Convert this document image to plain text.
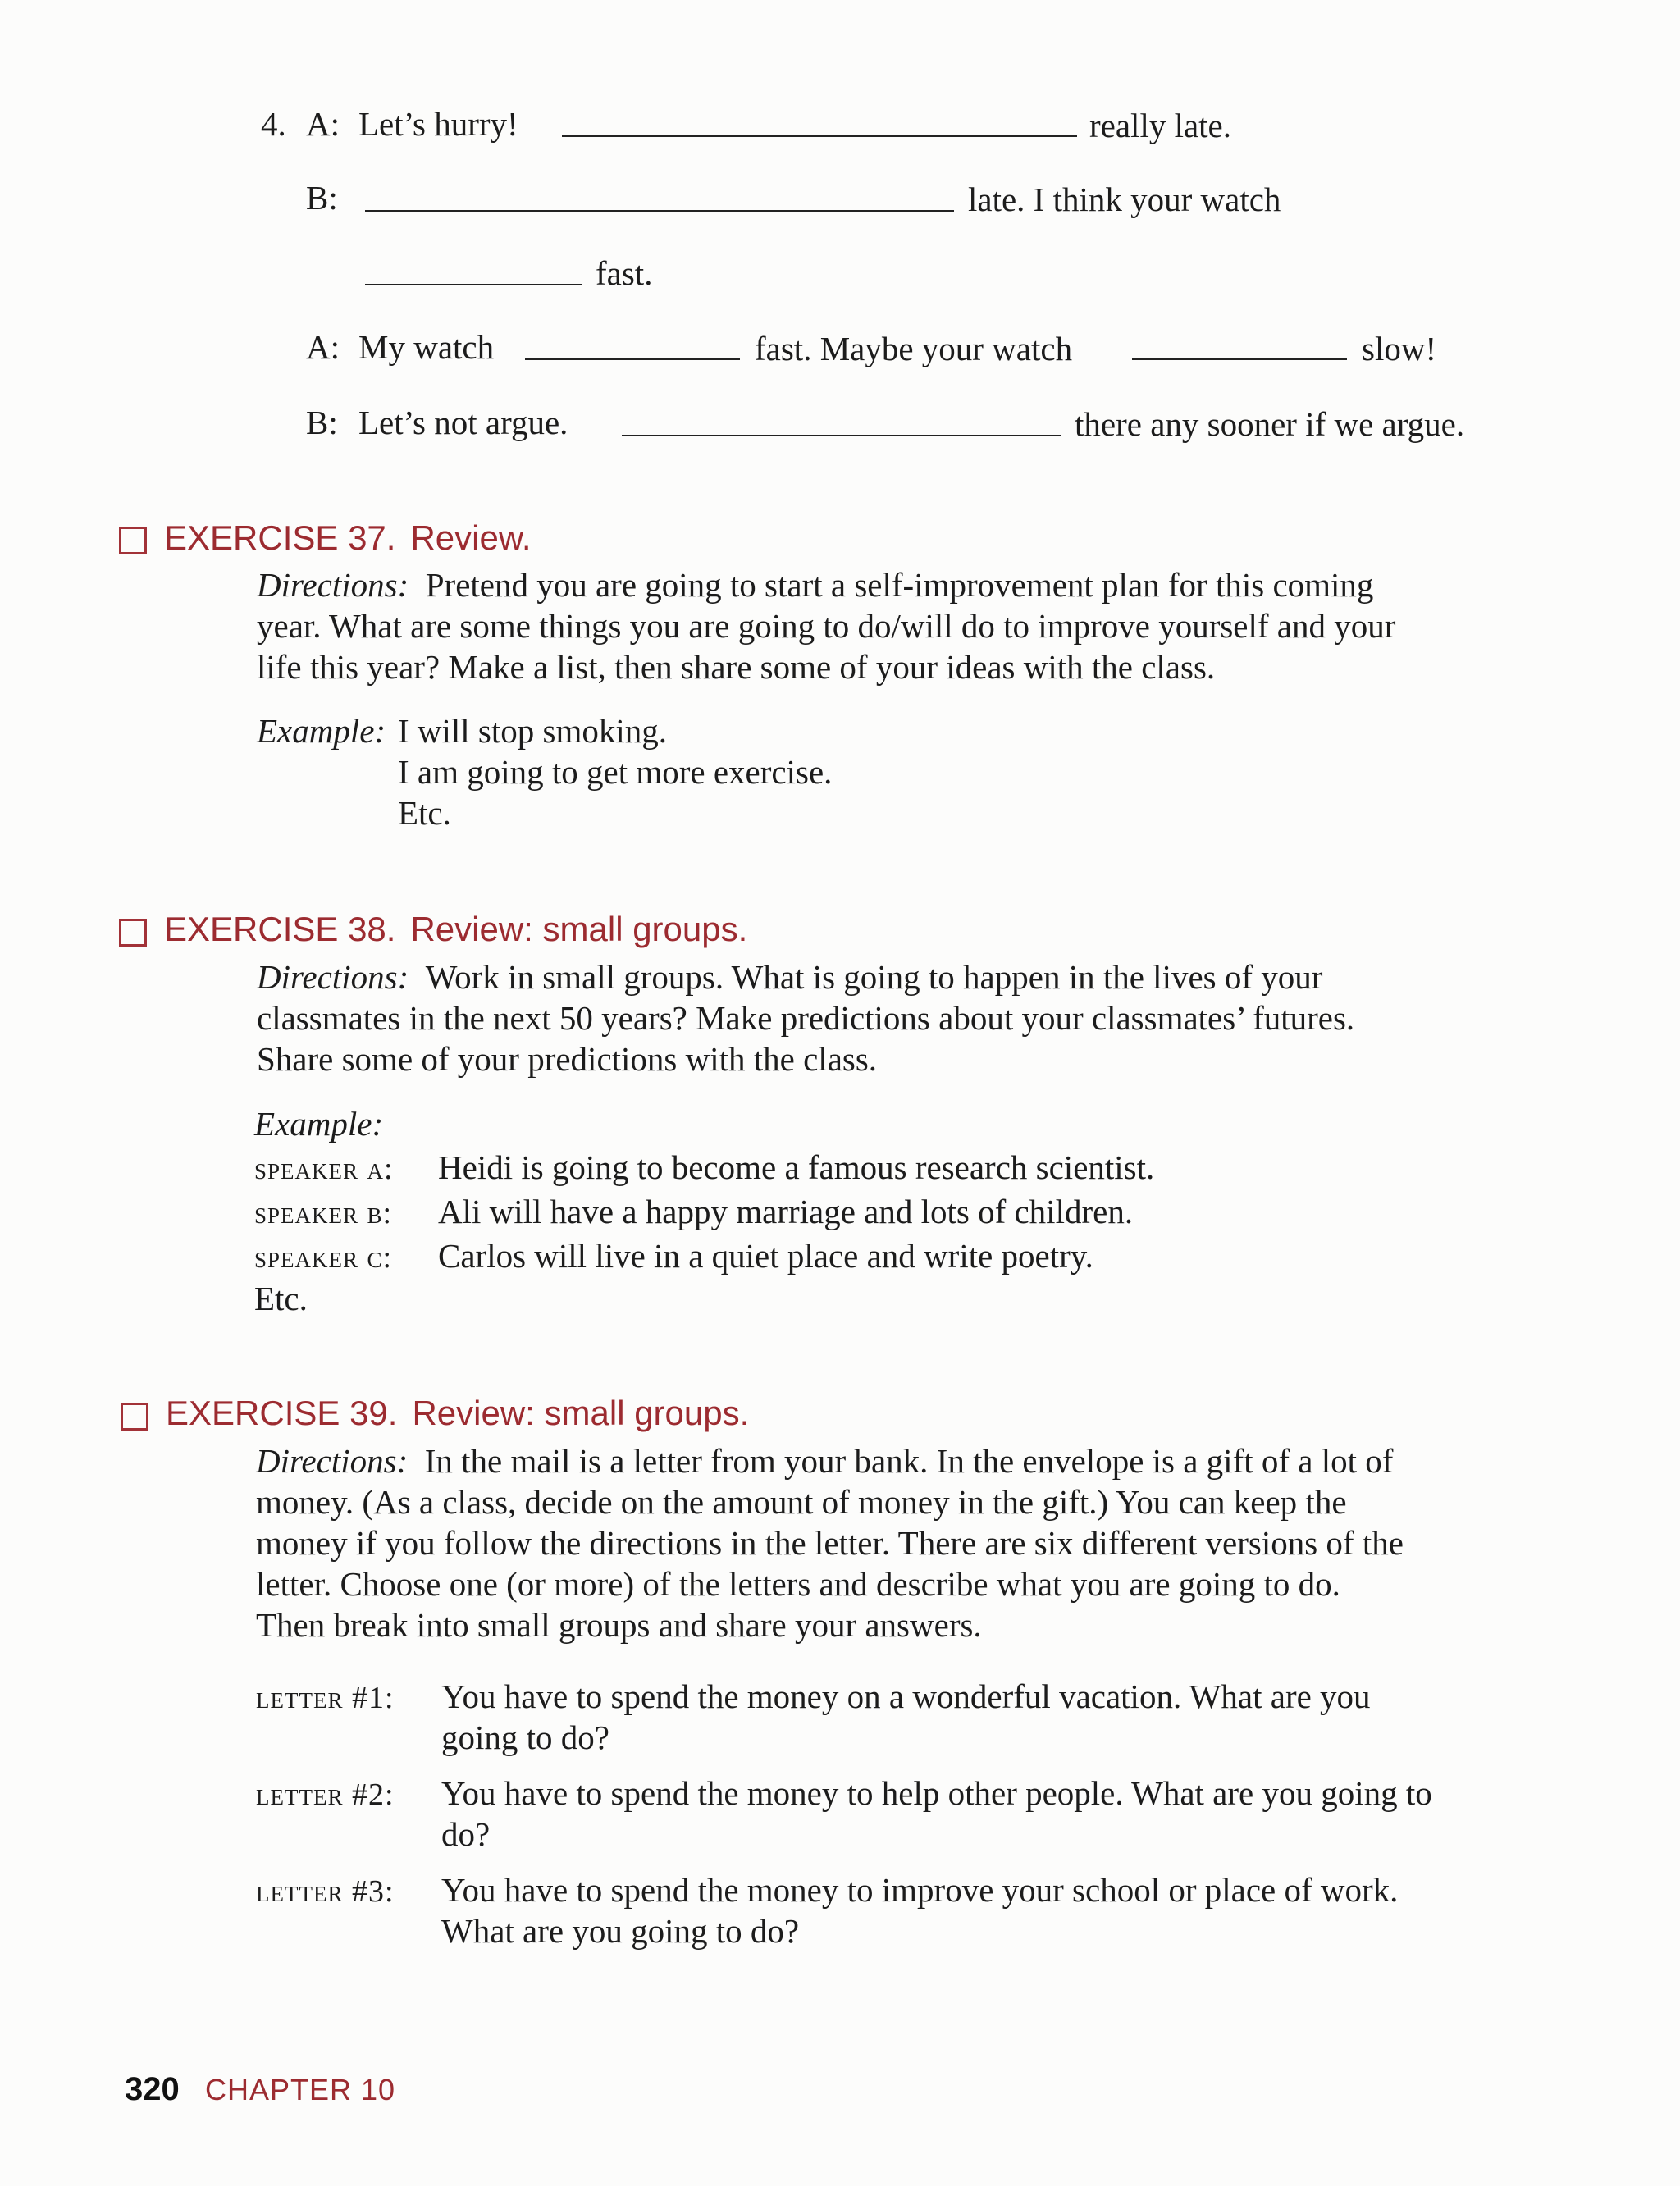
4. A: Let’s hurry!	really late.
B:	late. I think your watch
fast.
A: My watch	fast. Maybe your watch	slow!
B: Let’s not argue.	there any sooner if we argue.
EXERCISE 37. Review.
Directions: Pretend you are going to start a self-improvement plan for this coming
year. What are some things you are going to do/will do to improve yourself and your
life this year? Make a list, then share some of your ideas with the class.
Example: I will stop smoking.
I am going to get more exercise.
Etc.
EXERCISE 38. Review: small groups.
Directions: Work in small groups. What is going to happen in the lives of your
classmates in the next 50 years? Make predictions about your classmates’ futures.
Share some of your predictions with the class.
Example:
speaker a: Heidi is going to become a famous research scientist.
speaker b: Ali will have a happy marriage and lots of children.
speaker c: Carlos will live in a quiet place and write poetry.
Etc.
EXERCISE 39. Review: small groups.
Directions: In the mail is a letter from your bank. In the envelope is a gift of a lot of
money. (As a class, decide on the amount of money in the gift.) You can keep the
money if you follow the directions in the letter. There are six different versions of the
letter. Choose one (or more) of the letters and describe what you are going to do.
Then break into small groups and share your answers.
letter #1: You have to spend the money on a wonderful vacation. What are you
going to do?
letter #2: You have to spend the money to help other people. What are you going to
do?
letter #3: You have to spend the money to improve your school or place of work.
What are you going to do?
320 CHAPTER 10
